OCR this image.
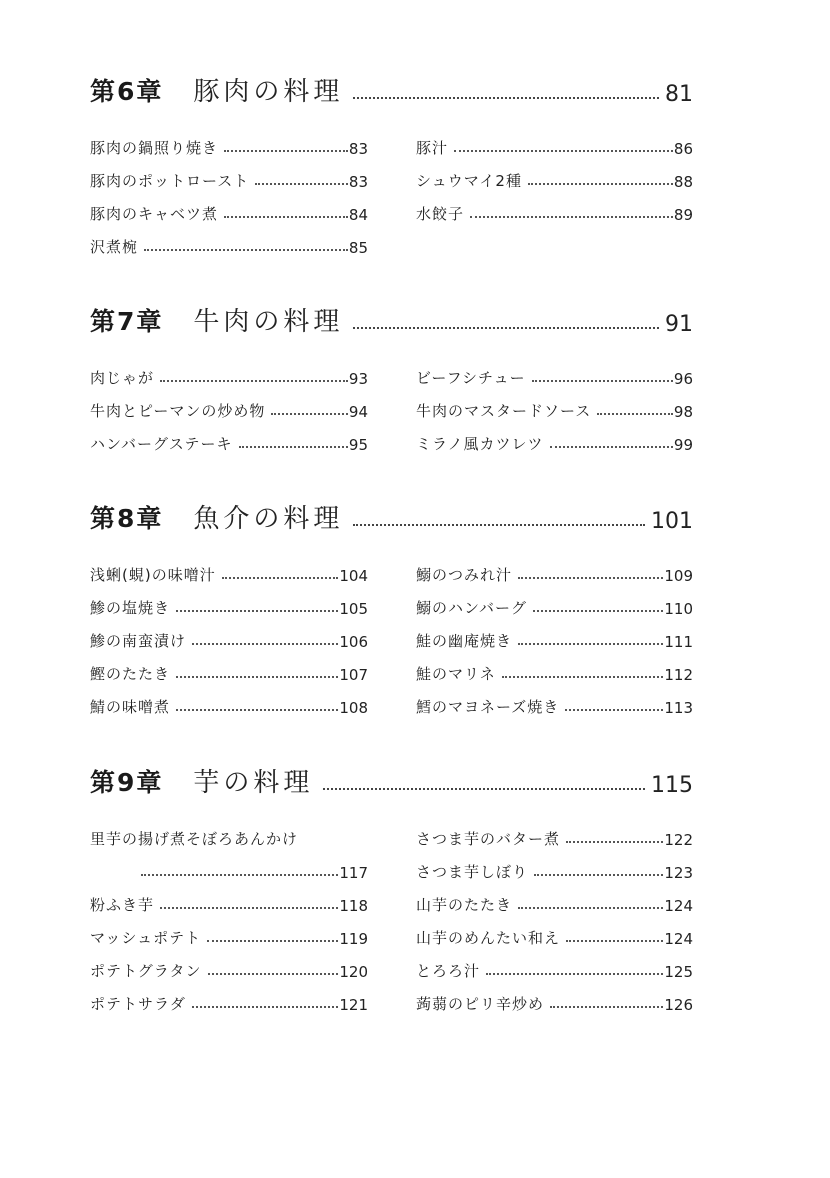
第6章 豚肉の料理	81
豚肉の鍋照り焼き	83
豚肉のポットロースト	83
豚肉のキャベツ煮	84
沢煮椀	85
豚汁	86
シュウマイ2種	88
水餃子	89
第7章 牛肉の料理	91
肉じゃが	93
牛肉とピーマンの炒め物	94
ハンバーグステーキ	95
ビーフシチュー	96
牛肉のマスタードソース	98
ミラノ風カツレツ	99
第8章 魚介の料理	101
浅蜊(蜆)の味噌汁	104
鯵の塩焼き	105
鯵の南蛮漬け	106
鰹のたたき	107
鯖の味噌煮	108
鰯のつみれ汁	109
鰯のハンバーグ	110
鮭の幽庵焼き	111
鮭のマリネ	112
鱈のマヨネーズ焼き	113
第9章 芋の料理	115
里芋の揚げ煮そぼろあんかけ
117
粉ふき芋	118
マッシュポテト	119
ポテトグラタン	120
ポテトサラダ	121
さつま芋のバター煮	122
さつま芋しぼり	123
山芋のたたき	124
山芋のめんたい和え	124
とろろ汁	125
蒟蒻のピリ辛炒め	126
